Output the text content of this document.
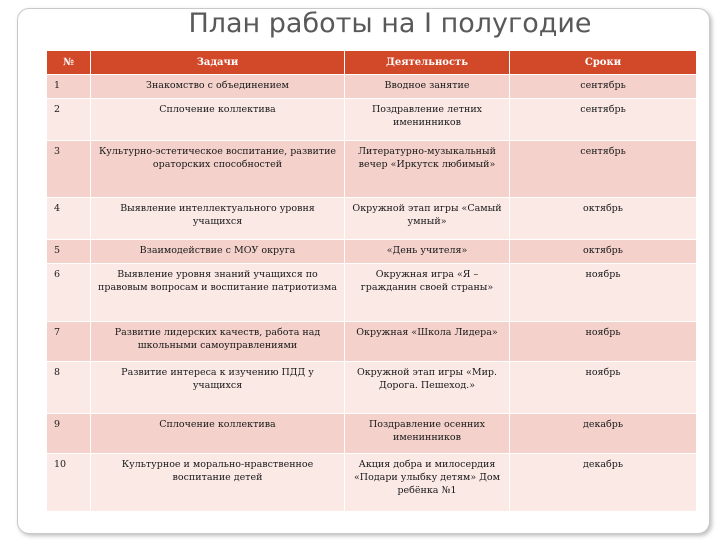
План работы на I полугодие
№	Задачи	Деятельность	Сроки
1	Знакомство с объединением	Вводное занятие	сентябрь
2	Сплочение коллектива	Поздравление летних именинников	сентябрь
3	Культурно-эстетическое воспитание, развитие ораторских способностей	Литературно-музыкальный вечер «Иркутск любимый»	сентябрь
4	Выявление интеллектуального уровня учащихся	Окружной этап игры «Самый умный»	октябрь
5	Взаимодействие с МОУ округа	«День учителя»	октябрь
6	Выявление уровня знаний учащихся по правовым вопросам и воспитание патриотизма	Окружная игра «Я – гражданин своей страны»	ноябрь
7	Развитие лидерских качеств, работа над школьными самоуправлениями	Окружная «Школа Лидера»	ноябрь
8	Развитие интереса к изучению ПДД у учащихся	Окружной этап игры «Мир. Дорога. Пешеход.»	ноябрь
9	Сплочение коллектива	Поздравление осенних именинников	декабрь
10	Культурное и морально-нравственное воспитание детей	Акция добра и милосердия «Подари улыбку детям» Дом ребёнка №1	декабрь
